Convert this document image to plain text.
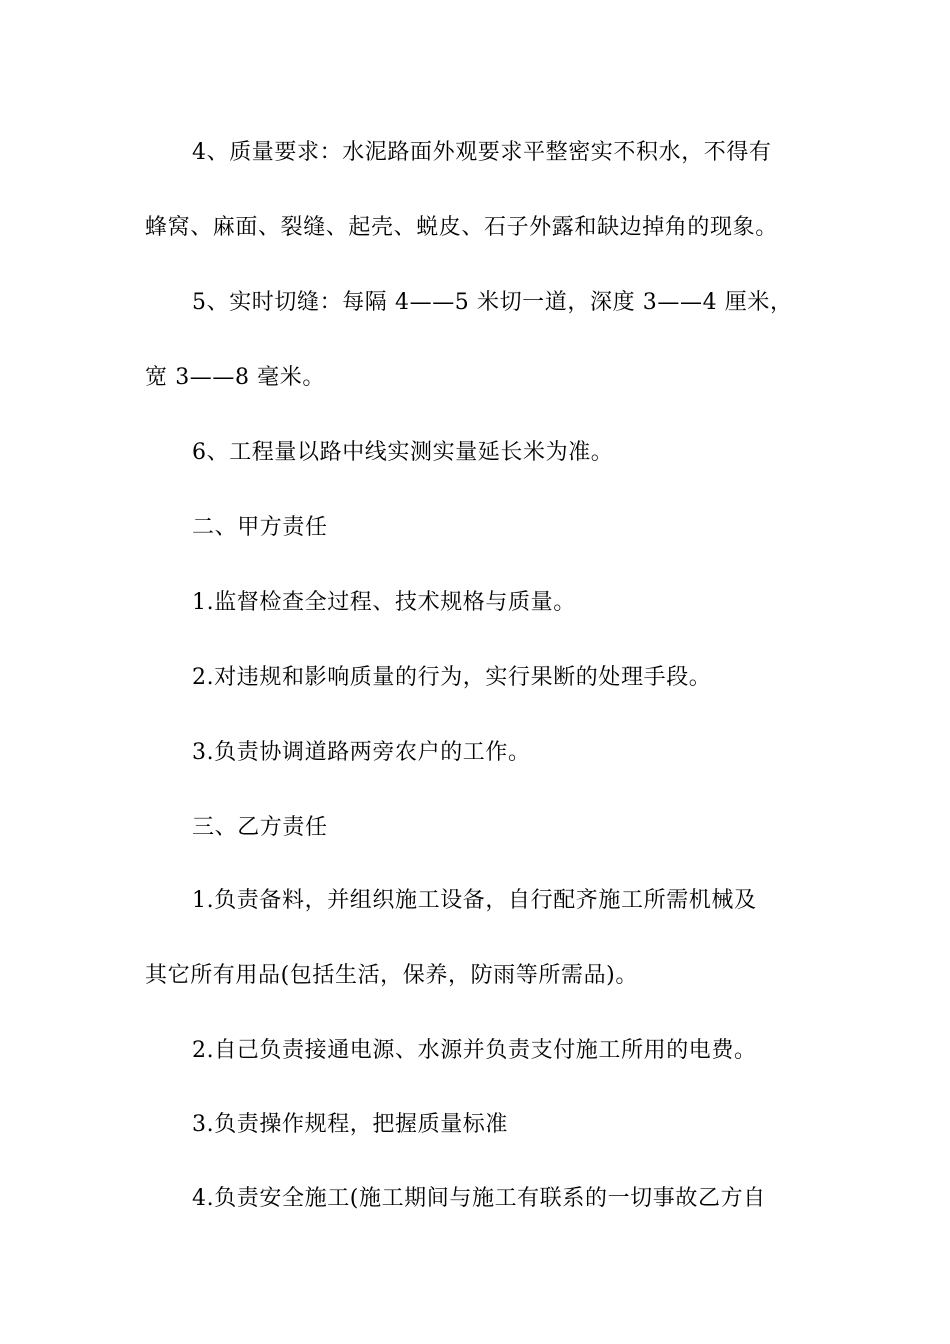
4、质量要求：水泥路面外观要求平整密实不积水，不得有
蜂窝、麻面、裂缝、起壳、蜕皮、石子外露和缺边掉角的现象。
5、实时切缝：每隔 4——5 米切一道，深度 3——4 厘米，
宽 3——8 毫米。
6、工程量以路中线实测实量延长米为准。
二、甲方责任
1.监督检查全过程、技术规格与质量。
2.对违规和影响质量的行为，实行果断的处理手段。
3.负责协调道路两旁农户的工作。
三、乙方责任
1.负责备料，并组织施工设备，自行配齐施工所需机械及
其它所有用品(包括生活，保养，防雨等所需品)。
2.自己负责接通电源、水源并负责支付施工所用的电费。
3.负责操作规程，把握质量标准
4.负责安全施工(施工期间与施工有联系的一切事故乙方自
